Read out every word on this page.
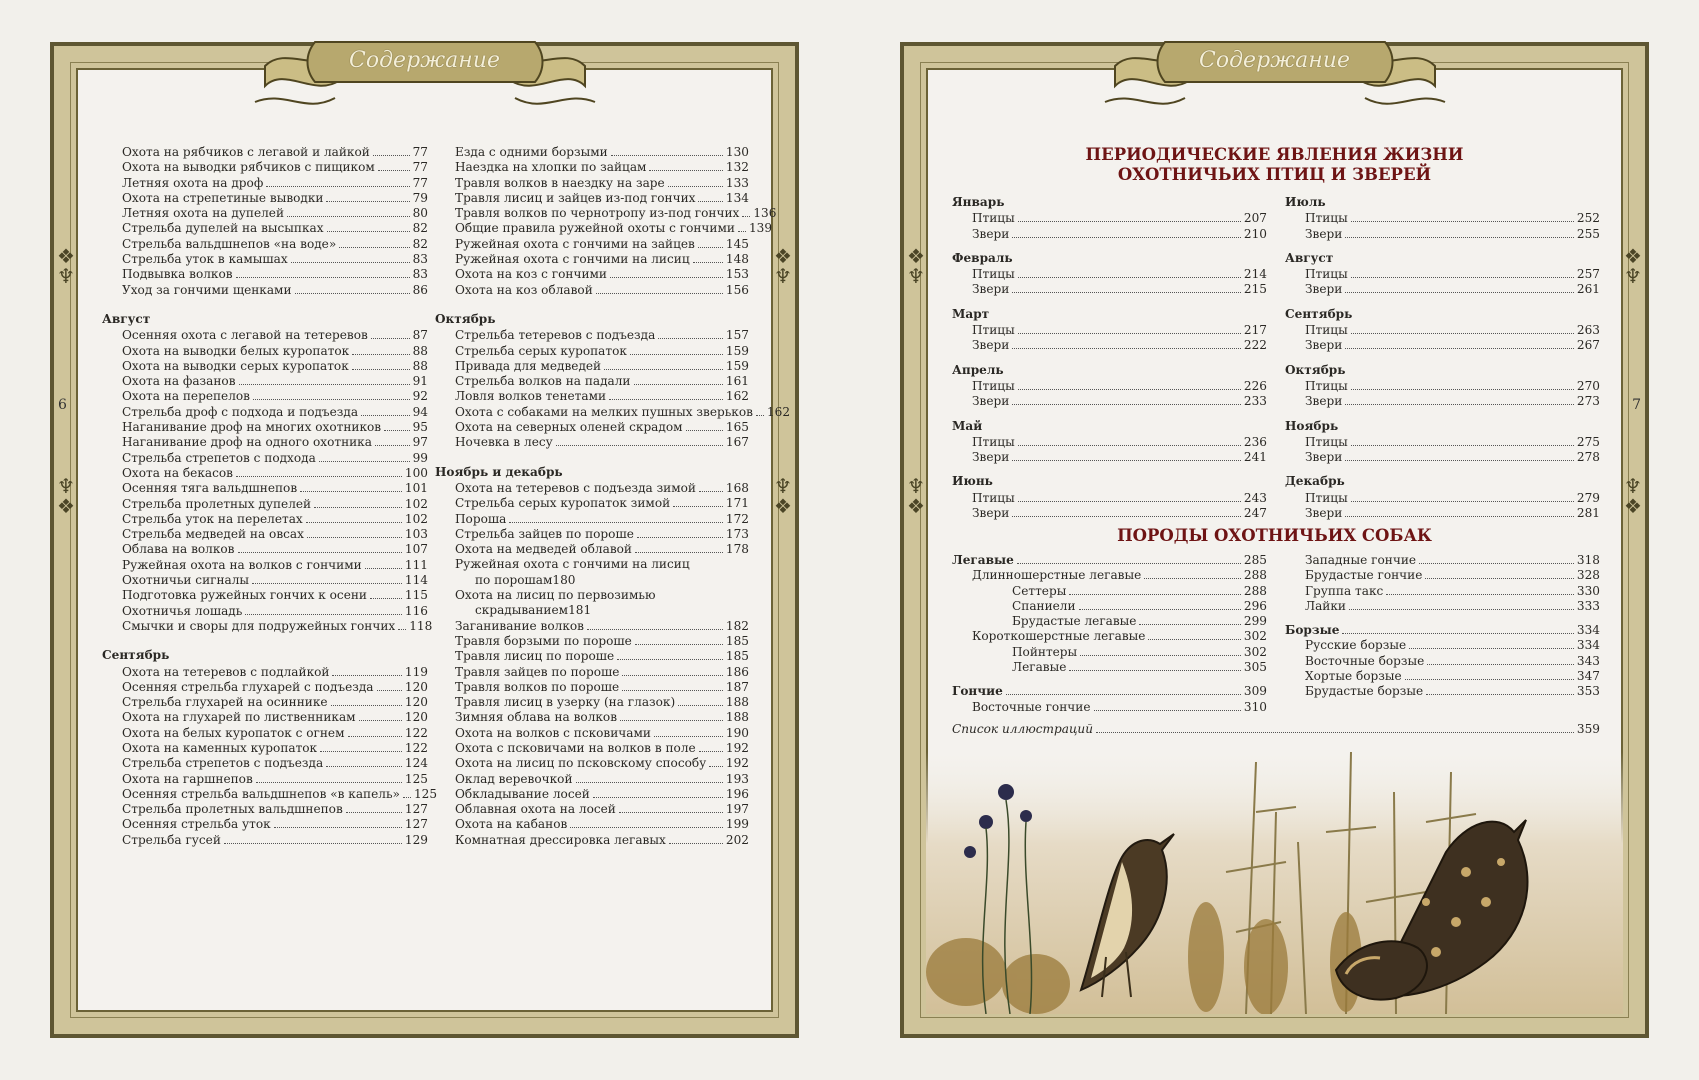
❖
♆
♆
❖
❖
♆
♆
❖
Содержание
6
Охота на рябчиков с легавой и лайкой	77
Охота на выводки рябчиков с пищиком	77
Летняя охота на дроф	77
Охота на стрепетиные выводки	79
Летняя охота на дупелей	80
Стрельба дупелей на высыпках	82
Стрельба вальдшнепов «на воде»	82
Стрельба уток в камышах	83
Подвывка волков	83
Уход за гончими щенками	86
Август
Осенняя охота с легавой на тетеревов	87
Охота на выводки белых куропаток	88
Охота на выводки серых куропаток	88
Охота на фазанов	91
Охота на перепелов	92
Стрельба дроф с подхода и подъезда	94
Наганивание дроф на многих охотников	95
Наганивание дроф на одного охотника	97
Стрельба стрепетов с подхода	99
Охота на бекасов	100
Осенняя тяга вальдшнепов	101
Стрельба пролетных дупелей	102
Стрельба уток на перелетах	102
Стрельба медведей на овсах	103
Облава на волков	107
Ружейная охота на волков с гончими	111
Охотничьи сигналы	114
Подготовка ружейных гончих к осени	115
Охотничья лошадь	116
Смычки и своры для подружейных гончих 118
Сентябрь
Охота на тетеревов с подлайкой	119
Осенняя стрельба глухарей с подъезда	120
Стрельба глухарей на осиннике	120
Охота на глухарей по лиственникам	120
Охота на белых куропаток с огнем	122
Охота на каменных куропаток	122
Стрельба стрепетов с подъезда	124
Охота на гаршнепов	125
Осенняя стрельба вальдшнепов «в капель» 125
Стрельба пролетных вальдшнепов	127
Осенняя стрельба уток	127
Стрельба гусей	129
Езда с одними борзыми	130
Наездка на хлопки по зайцам	132
Травля волков в наездку на заре	133
Травля лисиц и зайцев из-под гончих	134
Травля волков по чернотропу из-под гончих 136
Общие правила ружейной охоты с гончими 139
Ружейная охота с гончими на зайцев	145
Ружейная охота с гончими на лисиц	148
Охота на коз с гончими	153
Охота на коз облавой	156
Октябрь
Стрельба тетеревов с подъезда	157
Стрельба серых куропаток	159
Привада для медведей	159
Стрельба волков на падали	161
Ловля волков тенетами	162
Охота с собаками на мелких пушных зверьков 162
Охота на северных оленей скрадом	165
Ночевка в лесу	167
Ноябрь и декабрь
Охота на тетеревов с подъезда зимой 168
Стрельба серых куропаток зимой	171
Пороша	172
Стрельба зайцев по пороше	173
Охота на медведей облавой	178
Ружейная охота с гончими на лисиц
по порошам 180
Охота на лисиц по первозимью
скрадыванием 181
Заганивание волков	182
Травля борзыми по пороше	185
Травля лисиц по пороше	185
Травля зайцев по пороше	186
Травля волков по пороше	187
Травля лисиц в узерку (на глазок)	188
Зимняя облава на волков	188
Охота на волков с псковичами	190
Охота с псковичами на волков в поле	192
Охота на лисиц по псковскому способу 192
Оклад веревочкой	193
Обкладывание лосей	196
Облавная охота на лосей	197
Охота на кабанов	199
Комнатная дрессировка легавых	202
❖
♆
♆
❖
❖
♆
♆
❖
Содержание
7
ПЕРИОДИЧЕСКИЕ ЯВЛЕНИЯ ЖИЗНИ
ОХОТНИЧЬИХ ПТИЦ И ЗВЕРЕЙ
Январь
Птицы	207
Звери	210
Февраль
Птицы	214
Звери	215
Март
Птицы	217
Звери	222
Апрель
Птицы	226
Звери	233
Май
Птицы	236
Звери	241
Июнь
Птицы	243
Звери	247
Июль
Птицы	252
Звери	255
Август
Птицы	257
Звери	261
Сентябрь
Птицы	263
Звери	267
Октябрь
Птицы	270
Звери	273
Ноябрь
Птицы	275
Звери	278
Декабрь
Птицы	279
Звери	281
ПОРОДЫ ОХОТНИЧЬИХ СОБАК
Легавые	285
Длинношерстные легавые	288
Сеттеры	288
Спаниели	296
Брудастые легавые	299
Короткошерстные легавые	302
Пойнтеры	302
Легавые	305
Гончие	309
Восточные гончие	310
Западные гончие	318
Брудастые гончие	328
Группа такс	330
Лайки	333
Борзые	334
Русские борзые	334
Восточные борзые	343
Хортые борзые	347
Брудастые борзые	353
Список иллюстраций	359
